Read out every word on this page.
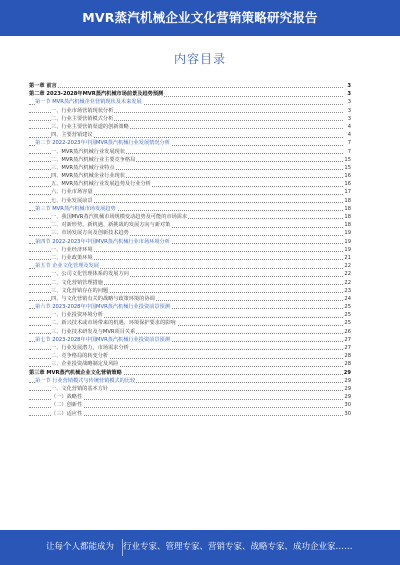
MVR蒸汽机械企业文化营销策略研究报告
内容目录
第一章 前言	3
第二章 2023-2028年MVR蒸汽机械市场前景及趋势预测	3
第一节 MVR蒸汽机械企业营销现状及未来发展	3
一、行业市场营销现状分析	3
二、行业主要营销模式分析	3
三、行业主要营销渠道的创新策略	4
四、主要营销建议	4
第二节 2022-2023年中国MVR蒸汽机械行业发展情况分析	7
一、MVR蒸汽机械行业发展现状	7
二、MVR蒸汽机械行业主要竞争格局	15
三、MVR蒸汽机械行业特点	15
四、MVR蒸汽机械企业行业现状	16
五、MVR蒸汽机械行业发展趋势及行业分析	16
六、行业市场容量	17
七、行业发展前景	18
第三节 MVR蒸汽机械市场发展趋势	18
一、我国MVR蒸汽机械市场规模变动趋势及可能的市场需求	18
二、对新形势、新机遇、新挑战的发展方向与新对策	18
三、市场发展方向及创新技术趋势	19
第四节 2022-2023年中国MVR蒸汽机械行业市场环境分析	19
一、行业经济环境	19
二、行业政策环境	21
第五节 企业文化管理及发展	22
一、公司文化管理体系的发展方向	22
二、文化营销管理措施	22
三、文化营销存在的问题	23
四、与文化营销有关的战略与政策环境的协调	24
第六节 2023-2028年中国MVR蒸汽机械行业投资前景预测	25
一、行业投资环境分析	25
二、新兴技术或市场带来的机遇、环境保护要求的影响	25
三、行业技术研发及与MVR项目关系	26
第七节 2023-2028年中国MVR蒸汽机械行业投资前景预测	27
一、行业发展潜力，市场需求分析	27
二、竞争格局的转变分析	28
三、企业投资战略制定及风险	28
第三章 MVR蒸汽机械企业文化营销策略	29
第一节 行业营销模式与传统营销模式的比较	29
一、文化营销的基本方针	29
（一）战略性	29
（二）创新性	30
（三）适应性	30
让每个人都能成为 行业专家、管理专家、营销专家、战略专家、成功企业家……
